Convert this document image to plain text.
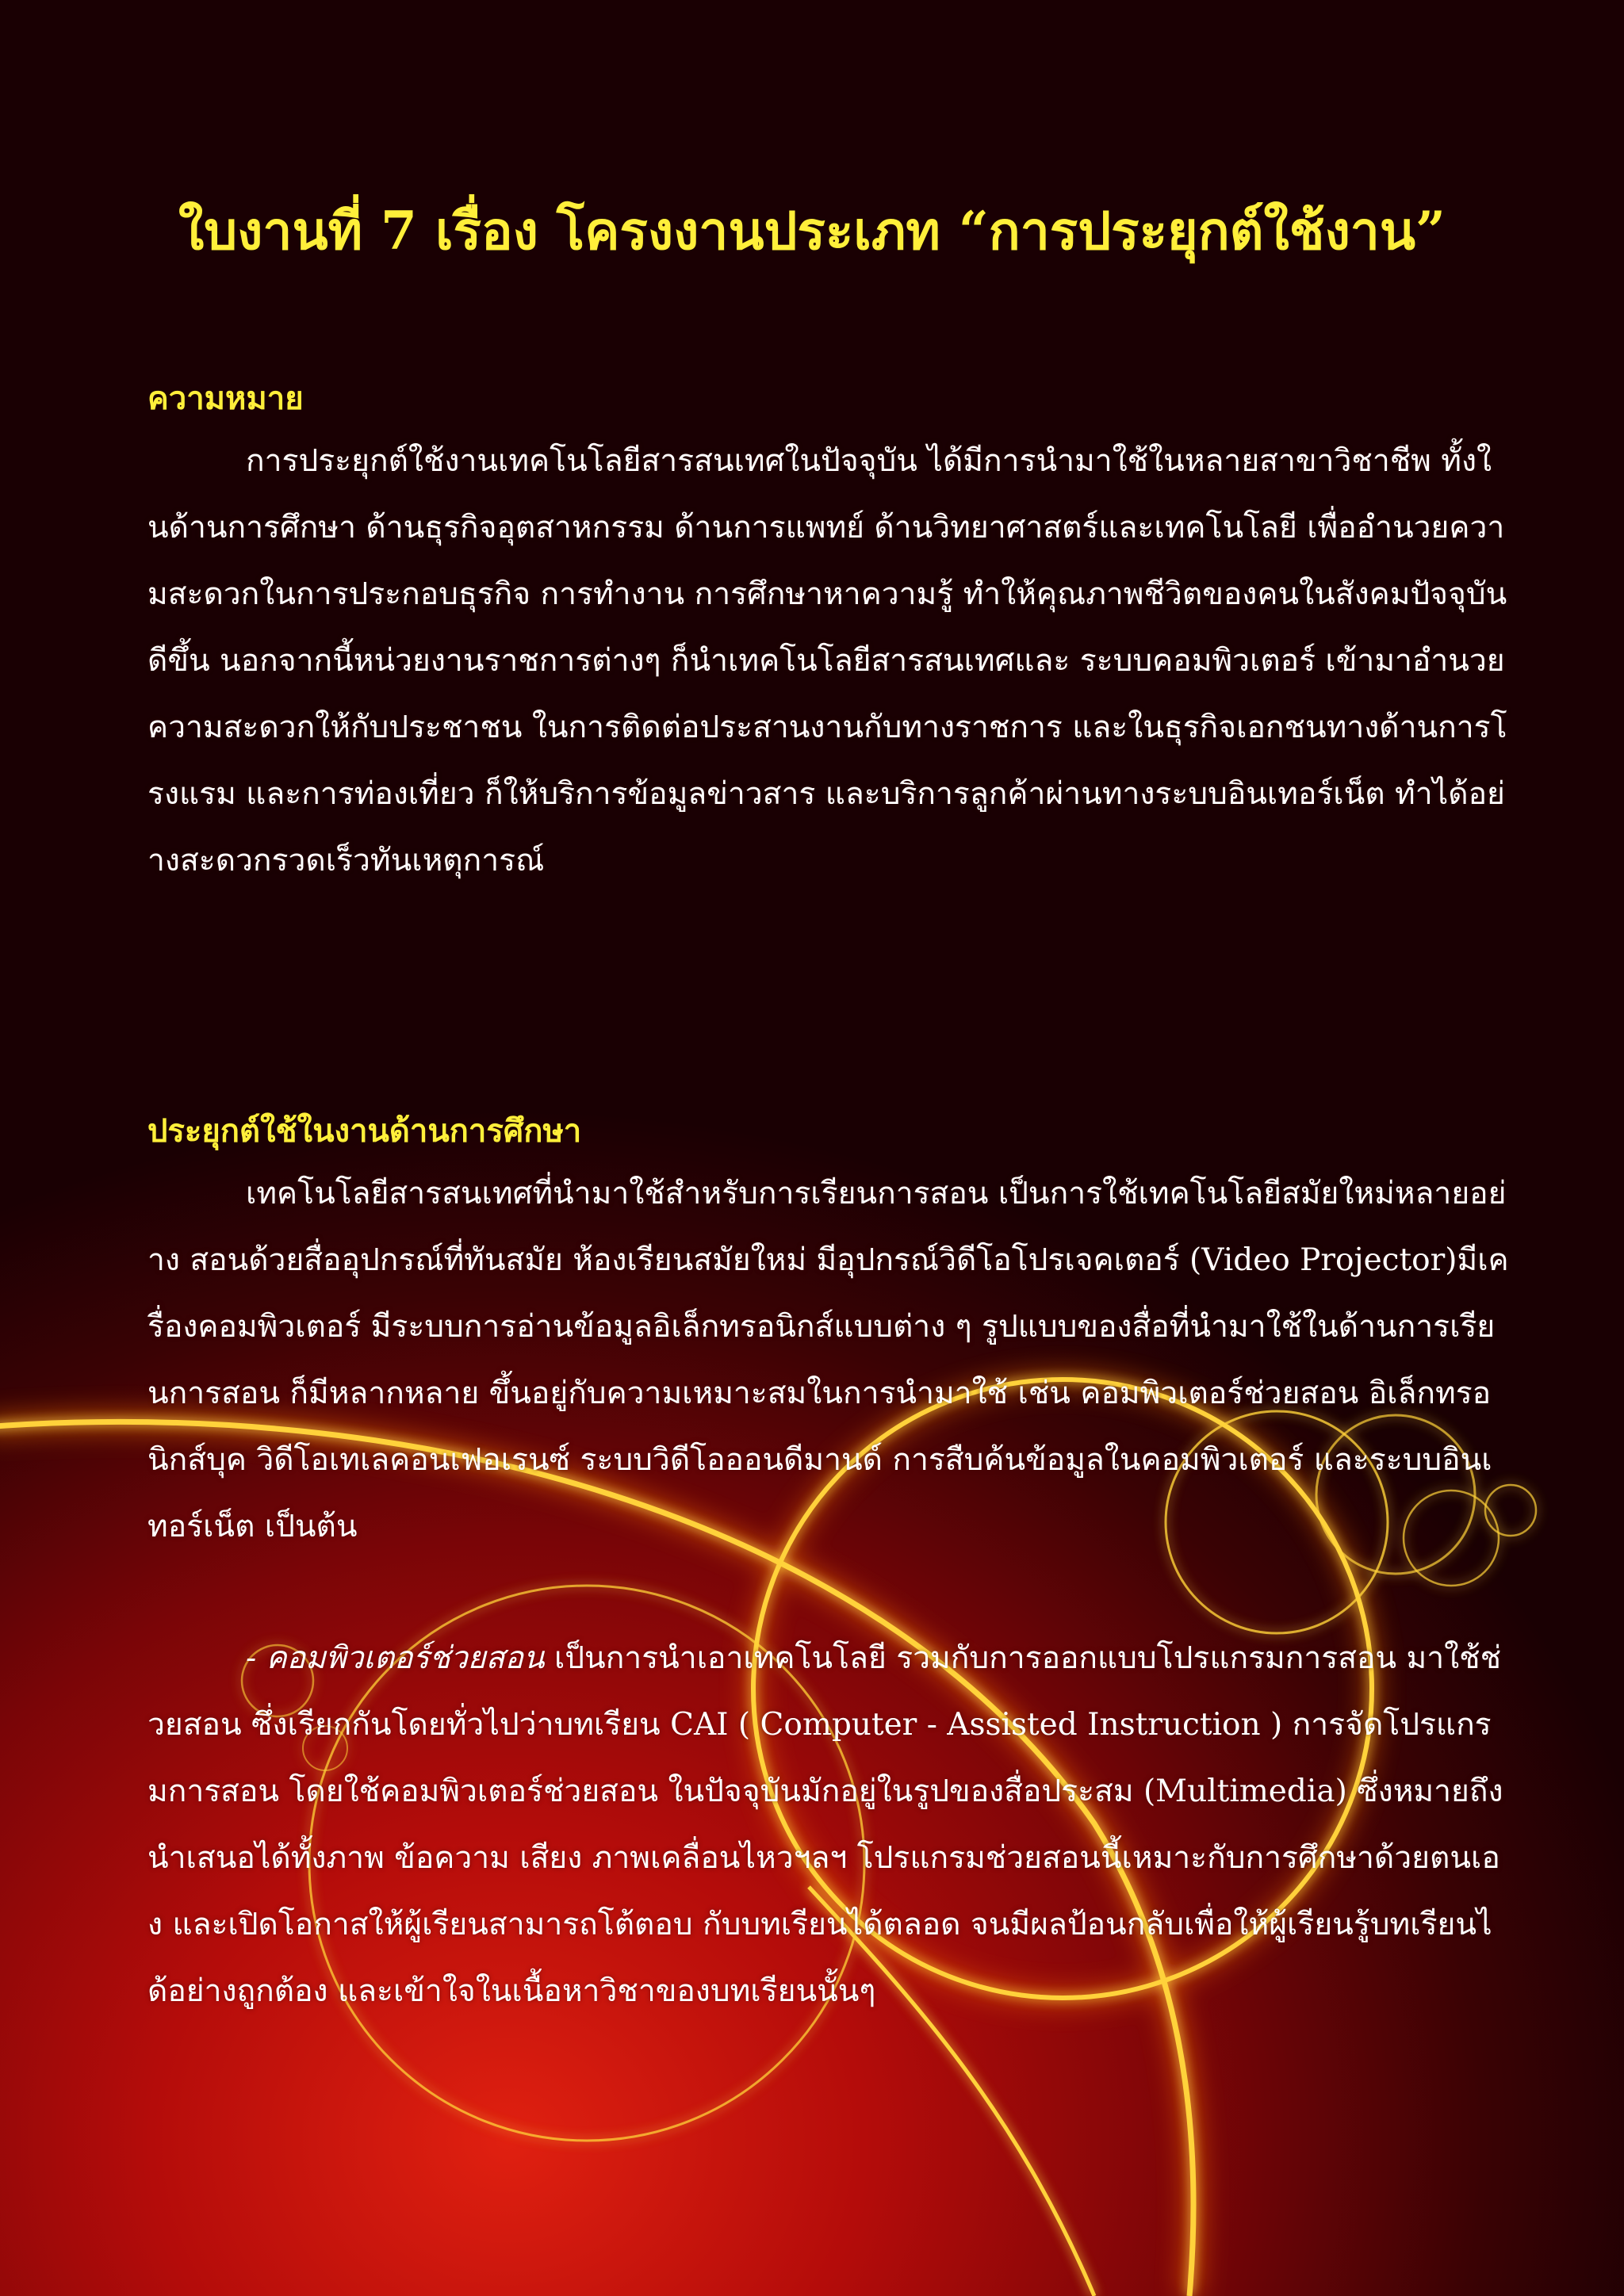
ใบงานที่ 7 เรื่อง โครงงานประเภท “การประยุกต์ใช้งาน”
ความหมาย

การประยุกต์ใช้งานเทคโนโลยีสารสนเทศในปัจจุบัน ได้มีการนำมาใช้ในหลายสาขาวิชาชีพ ทั้งในด้านการศึกษา ด้านธุรกิจอุตสาหกรรม ด้านการแพทย์ ด้านวิทยาศาสตร์และเทคโนโลยี เพื่ออำนวยความสะดวกในการประกอบธุรกิจ การทำงาน การศึกษาหาความรู้ ทำให้คุณภาพชีวิตของคนในสังคมปัจจุบันดีขึ้น นอกจากนี้หน่วยงานราชการต่างๆ ก็นำเทคโนโลยีสารสนเทศและ ระบบคอมพิวเตอร์ เข้ามาอำนวยความสะดวกให้กับประชาชน ในการติดต่อประสานงานกับทางราชการ และในธุรกิจเอกชนทางด้านการโรงแรม และการท่องเที่ยว ก็ให้บริการข้อมูลข่าวสาร และบริการลูกค้าผ่านทางระบบอินเทอร์เน็ต ทำได้อย่างสะดวกรวดเร็วทันเหตุการณ์

ประยุกต์ใช้ในงานด้านการศึกษา

เทคโนโลยีสารสนเทศที่นำมาใช้สำหรับการเรียนการสอน เป็นการใช้เทคโนโลยีสมัยใหม่หลายอย่าง สอนด้วยสื่ออุปกรณ์ที่ทันสมัย ห้องเรียนสมัยใหม่ มีอุปกรณ์วิดีโอโปรเจคเตอร์ (Video Projector)มีเครื่องคอมพิวเตอร์ มีระบบการอ่านข้อมูลอิเล็กทรอนิกส์แบบต่าง ๆ รูปแบบของสื่อที่นำมาใช้ในด้านการเรียนการสอน ก็มีหลากหลาย ขึ้นอยู่กับความเหมาะสมในการนำมาใช้ เช่น คอมพิวเตอร์ช่วยสอน อิเล็กทรอนิกส์บุค วิดีโอเทเลคอนเฟอเรนซ์ ระบบวิดีโอออนดีมานด์ การสืบค้นข้อมูลในคอมพิวเตอร์ และระบบอินเทอร์เน็ต เป็นต้น

- คอมพิวเตอร์ช่วยสอน เป็นการนำเอาเทคโนโลยี รวมกับการออกแบบโปรแกรมการสอน มาใช้ช่วยสอน ซึ่งเรียกกันโดยทั่วไปว่าบทเรียน CAI ( Computer - Assisted Instruction ) การจัดโปรแกรมการสอน โดยใช้คอมพิวเตอร์ช่วยสอน ในปัจจุบันมักอยู่ในรูปของสื่อประสม (Multimedia) ซึ่งหมายถึงนำเสนอได้ทั้งภาพ ข้อความ เสียง ภาพเคลื่อนไหวฯลฯ โปรแกรมช่วยสอนนี้เหมาะกับการศึกษาด้วยตนเอง และเปิดโอกาสให้ผู้เรียนสามารถโต้ตอบ กับบทเรียนได้ตลอด จนมีผลป้อนกลับเพื่อให้ผู้เรียนรู้บทเรียนได้อย่างถูกต้อง และเข้าใจในเนื้อหาวิชาของบทเรียนนั้นๆ
